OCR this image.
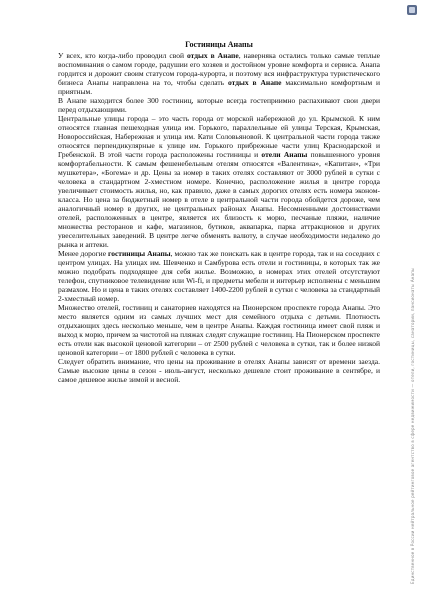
Гостиницы Анапы

У всех, кто когда-либо проводил свой отдых в Анапе, наверняка остались только самые теплые воспоминания о самом городе, радушии его хозяев и достойном уровне комфорта и сервиса. Анапа гордится и дорожит своим статусом города-курорта, и поэтому вся инфраструктура туристического бизнеса Анапы направлена на то, чтобы сделать отдых в Анапе максимально комфортным и приятным.

В Анапе находится более 300 гостиниц, которые всегда гостеприимно распахивают свои двери перед отдыхающими.

Центральные улицы города – это часть города от морской набережной до ул. Крымской. К ним относятся главная пешеходная улица им. Горького, параллельные ей улицы Терская, Крымская, Новороссийская, Набережная и улица им. Кати Соловьяновой. К центральной части города также относятся перпендикулярные к улице им. Горького прибрежные части улиц Краснодарской и Гребенской. В этой части города расположены гостиницы и отели Анапы повышенного уровня комфортабельности. К самым фешенебельным отелям относятся «Валентина», «Капитан», «Три мушкетера», «Богема» и др. Цены за номер в таких отелях составляют от 3000 рублей в сутки с человека в стандартном 2-хместном номере. Конечно, расположение жилья в центре города увеличивает стоимость жилья, но, как правило, даже в самых дорогих отелях есть номера эконом-класса. Но цена за бюджетный номер в отеле в центральной части города обойдется дороже, чем аналогичный номер в других, не центральных районах Анапы. Несомненными достоинствами отелей, расположенных в центре, является их близость к морю, песчаные пляжи, наличие множества ресторанов и кафе, магазинов, бутиков, аквапарка, парка аттракционов и других увеселительных заведений. В центре легче обменять валюту, в случае необходимости недалеко до рынка и аптеки.

Менее дорогие гостиницы Анапы, можно так же поискать как в центре города, так и на соседних с центром улицах. На улицах им. Шевченко и Самбурова есть отели и гостиницы, в которых так же можно подобрать подходящее для себя жилье. Возможно, в номерах этих отелей отсутствуют телефон, спутниковое телевидение или Wi-fi, и предметы мебели и интерьер исполнены с меньшим размахом. Но и цена в таких отелях составляет 1400-2200 рублей в сутки с человека за стандартный 2-хместный номер.

Множество отелей, гостиниц и санаториев находятся на Пионерском проспекте города Анапы. Это место является одним из самых лучших мест для семейного отдыха с детьми. Плотность отдыхающих здесь несколько меньше, чем в центре Анапы. Каждая гостиница имеет свой пляж и выход к морю, причем за чистотой на пляжах следят служащие гостиниц. На Пионерском проспекте есть отели как высокой ценовой категории – от 2500 рублей с человека в сутки, так и более низкой ценовой категории – от 1800 рублей с человека в сутки.

Следует обратить внимание, что цены на проживание в отелях Анапы зависят от времени заезда. Самые высокие цены в сезон - июль-август, несколько дешевле стоит проживание в сентябре, и самое дешевое жилье зимой и весной.	Единственное в России нейтральное рейтинговое агентство в сфере недвижимости — отели, гостиницы, санатории, пансионаты Анапы
